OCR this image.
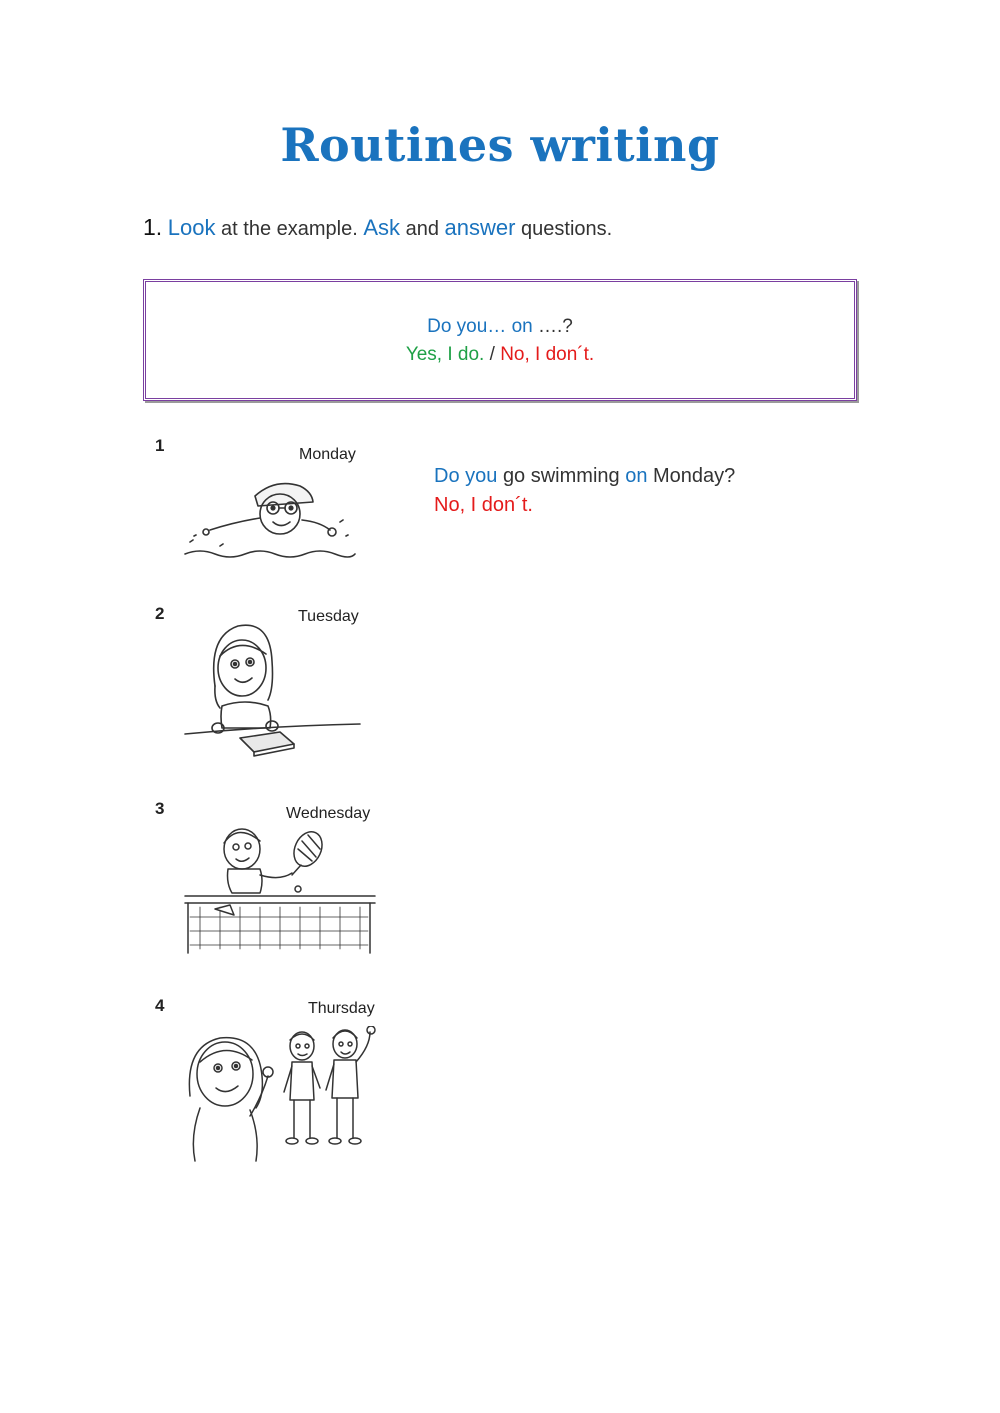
Routines writing
1. Look at the example. Ask and answer questions.
Do you… on ….?
Yes, I do. / No, I don´t.
1	Monday
2	Tuesday
3	Wednesday
4	Thursday
Do you go swimming on Monday?
No, I don´t.
